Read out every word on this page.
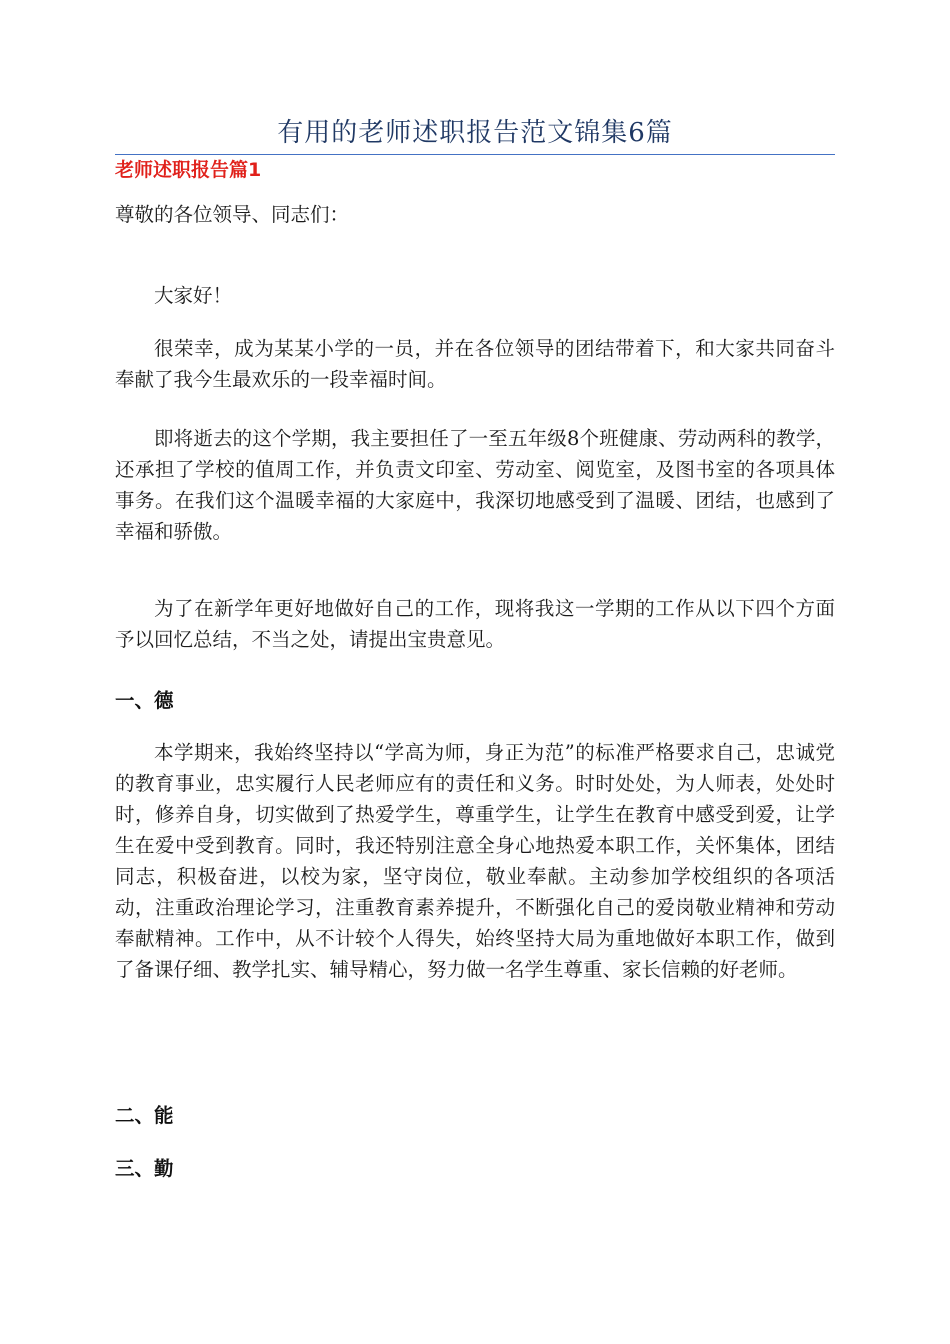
有用的老师述职报告范文锦集6篇
老师述职报告篇1

尊敬的各位领导、同志们：

大家好！

很荣幸，成为某某小学的一员，并在各位领导的团结带着下，和大家共同奋斗奉献了我今生最欢乐的一段幸福时间。

即将逝去的这个学期，我主要担任了一至五年级8个班健康、劳动两科的教学，还承担了学校的值周工作，并负责文印室、劳动室、阅览室，及图书室的各项具体事务。在我们这个温暖幸福的大家庭中，我深切地感受到了温暖、团结，也感到了幸福和骄傲。

为了在新学年更好地做好自己的工作，现将我这一学期的工作从以下四个方面予以回忆总结，不当之处，请提出宝贵意见。

一、德

本学期来，我始终坚持以“学高为师，身正为范”的标准严格要求自己，忠诚党的教育事业，忠实履行人民老师应有的责任和义务。时时处处，为人师表，处处时时，修养自身，切实做到了热爱学生，尊重学生，让学生在教育中感受到爱，让学生在爱中受到教育。同时，我还特别注意全身心地热爱本职工作，关怀集体，团结同志，积极奋进，以校为家，坚守岗位，敬业奉献。主动参加学校组织的各项活动，注重政治理论学习，注重教育素养提升，不断强化自己的爱岗敬业精神和劳动奉献精神。工作中，从不计较个人得失，始终坚持大局为重地做好本职工作，做到了备课仔细、教学扎实、辅导精心，努力做一名学生尊重、家长信赖的好老师。

二、能
三、勤
